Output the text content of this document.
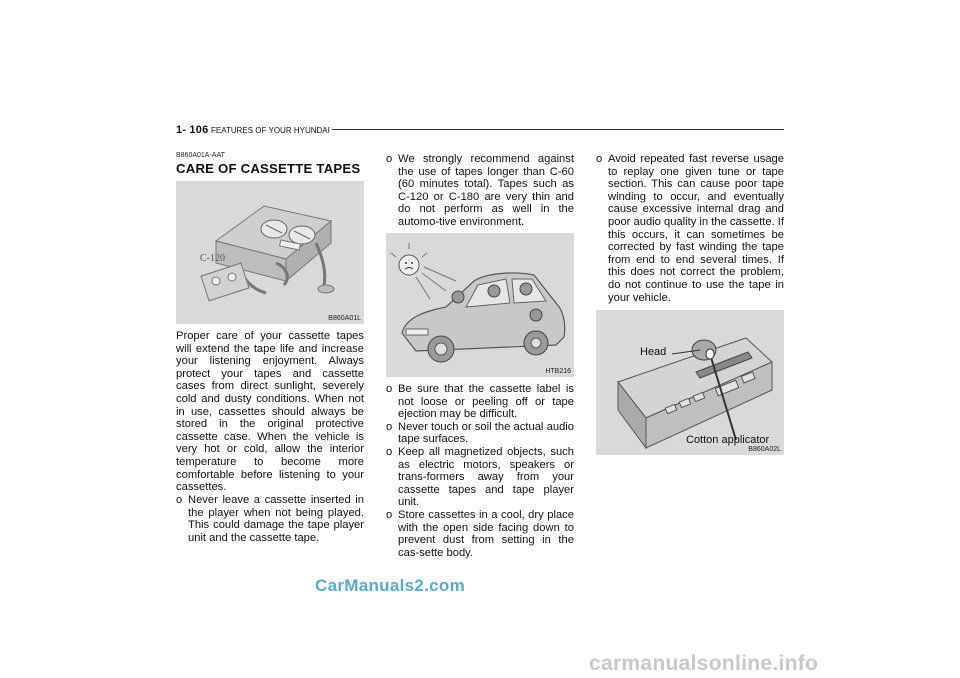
1- 106 FEATURES OF YOUR HYUNDAI
B860A01A-AAT
CARE OF CASSETTE TAPES
C-120
B860A01L
Proper care of your cassette tapes will extend the tape life and increase your listening enjoyment. Always protect your tapes and cassette cases from direct sunlight, severely cold and dusty conditions. When not in use, cassettes should always be stored in the original protective cassette case. When the vehicle is very hot or cold, allow the interior temperature to become more comfortable before listening to your cassettes.
o Never leave a cassette inserted in the player when not being played. This could damage the tape player unit and the cassette tape.
o We strongly recommend against the use of tapes longer than C-60 (60 minutes total). Tapes such as C-120 or C-180 are very thin and do not perform as well in the automo-tive environment.
HTB216
o Be sure that the cassette label is not loose or peeling off or tape ejection may be difficult.
o Never touch or soil the actual audio tape surfaces.
o Keep all magnetized objects, such as electric motors, speakers or trans-formers away from your cassette tapes and tape player unit.
o Store cassettes in a cool, dry place with the open side facing down to prevent dust from setting in the cas-sette body.
o Avoid repeated fast reverse usage to replay one given tune or tape section. This can cause poor tape winding to occur, and eventually cause excessive internal drag and poor audio quality in the cassette. If this occurs, it can sometimes be corrected by fast winding the tape from end to end several times. If this does not correct the problem, do not continue to use the tape in your vehicle.
Head
Cotton applicator
B860A02L
CarManuals2.com
carmanualsonline.info
